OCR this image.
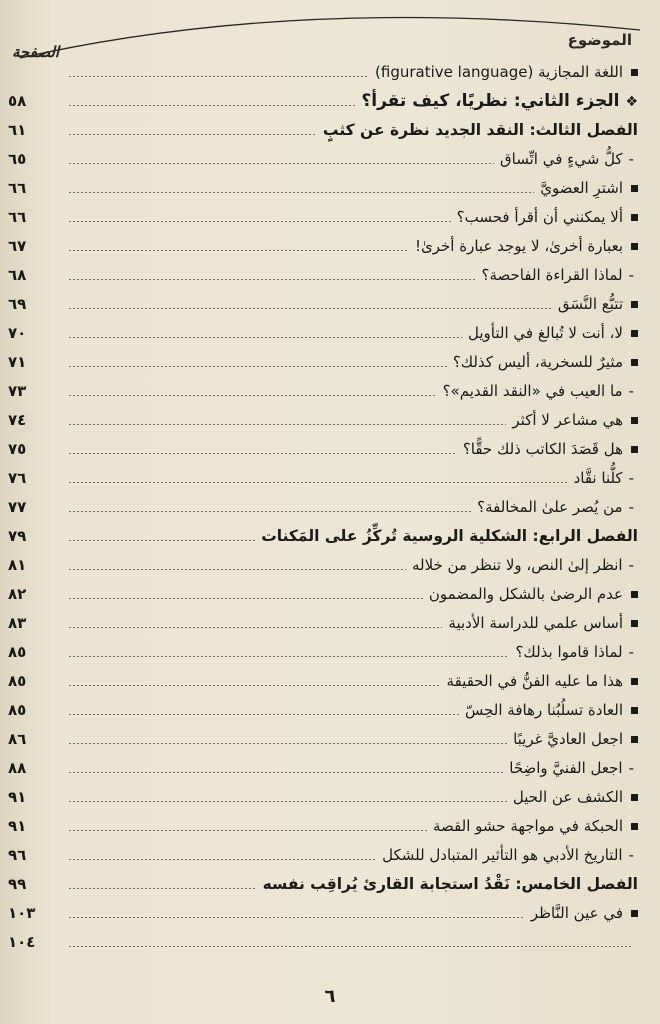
الموضوع
الصفحة
اللغة المجازية (figurative language)
٥٨	❖الجزء الثاني: نظريًا، كيف تقرأ؟
٦١	الفصل الثالث: النقد الجديد نظرة عن كثبٍ
٦٥	-كلُّ شيءٍ في اتِّساق
٦٦	اشترِ العضويَّ
٦٦	ألا يمكنني أن أقرأ فحسب؟
٦٧	بعبارة أخرىٰ، لا يوجد عبارة أخرىٰ!
٦٨	-لماذا القراءة الفاحصة؟
٦٩	تتبُّع النَّسَق
٧٠	لا، أنت لا تُبالغ في التأويل
٧١	مثيرٌ للسخرية، أليس كذلك؟
٧٣	-ما العيب في «النقد القديم»؟
٧٤	هي مشاعر لا أكثر
٧٥	هل قَصَدَ الكاتب ذلك حقًّا؟
٧٦	-كلُّنا نقَّاد
٧٧	-من يُصر علىٰ المخالفة؟
٧٩	الفصل الرابع: الشكلية الروسية تُركِّزُ على المَكنات
٨١	-انظر إلىٰ النص، ولا تنظر من خلاله
٨٢	عدم الرضىٰ بالشكل والمضمون
٨٣	أساس علمي للدراسة الأدبية
٨٥	-لماذا قاموا بذلك؟
٨٥	هذا ما عليه الفنُّ في الحقيقة
٨٥	العادة تسلُبُنا رهافة الحِسّ
٨٦	اجعل العاديَّ غريبًا
٨٨	-اجعل الفنيَّ واضِحًا
٩١	الكشف عن الحيل
٩١	الحبكة في مواجهة حشو القصة
٩٦	-التاريخ الأدبي هو التأثير المتبادل للشكل
٩٩	الفصل الخامس: نَقْدُ استجابة القارئ يُراقِب نفسه
١٠٣	في عين النَّاظر
١٠٤
٦
